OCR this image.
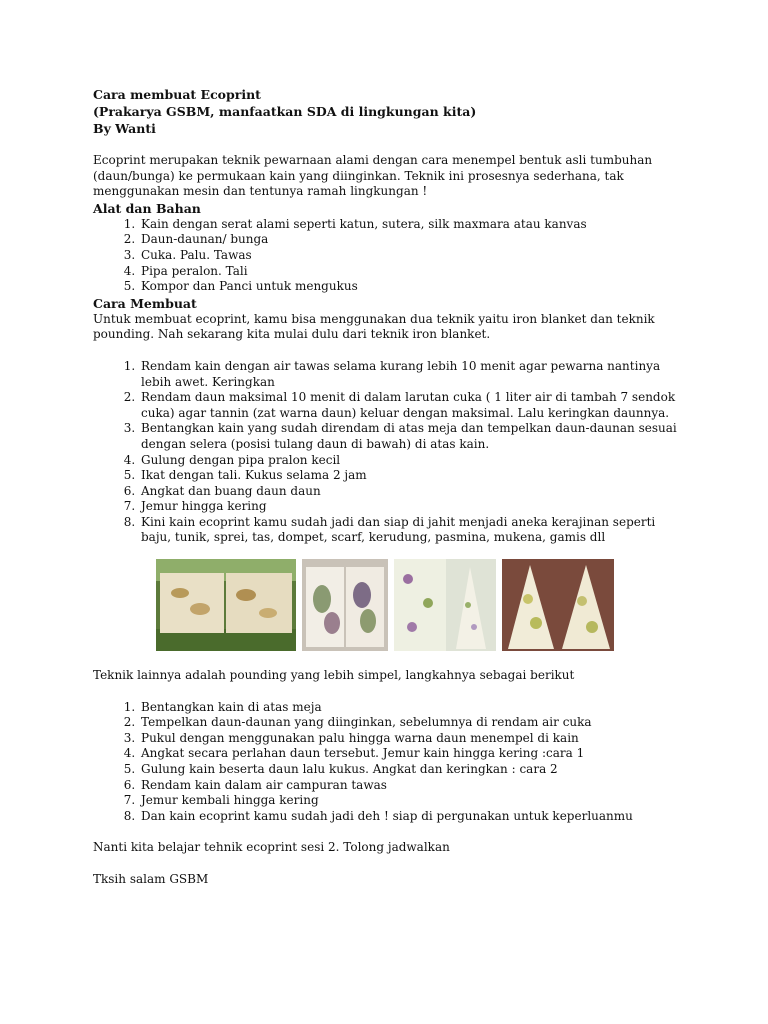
Cara membuat Ecoprint

(Prakarya GSBM, manfaatkan SDA di lingkungan kita)

By Wanti

Ecoprint merupakan teknik pewarnaan alami dengan cara menempel bentuk asli tumbuhan (daun/bunga) ke permukaan kain yang diinginkan. Teknik ini prosesnya sederhana, tak menggunakan mesin dan tentunya ramah lingkungan !

Alat dan Bahan

1. Kain dengan serat alami seperti katun, sutera, silk maxmara atau kanvas
2. Daun-daunan/ bunga
3. Cuka. Palu. Tawas
4. Pipa peralon. Tali
5. Kompor dan Panci untuk mengukus

Cara Membuat

Untuk membuat ecoprint, kamu bisa menggunakan dua teknik yaitu iron blanket dan teknik pounding. Nah sekarang kita mulai dulu dari teknik iron blanket.

1. Rendam kain dengan air tawas selama kurang lebih 10 menit agar pewarna nantinya lebih awet. Keringkan
2. Rendam daun maksimal 10 menit di dalam larutan cuka ( 1 liter air di tambah 7 sendok cuka) agar tannin (zat warna daun) keluar dengan maksimal. Lalu keringkan daunnya.
3. Bentangkan kain yang sudah direndam di atas meja dan tempelkan daun-daunan sesuai dengan selera (posisi tulang daun di bawah) di atas kain.
4. Gulung dengan pipa pralon kecil
5. Ikat dengan tali. Kukus selama 2 jam
6. Angkat dan buang daun daun
7. Jemur hingga kering
8. Kini kain ecoprint kamu sudah jadi dan siap di jahit menjadi aneka kerajinan seperti baju, tunik, sprei, tas, dompet, scarf, kerudung, pasmina, mukena, gamis dll

Teknik lainnya adalah pounding yang lebih simpel, langkahnya sebagai berikut

1. Bentangkan kain di atas meja
2. Tempelkan daun-daunan yang diinginkan, sebelumnya di rendam air cuka
3. Pukul dengan menggunakan palu hingga warna daun menempel di kain
4. Angkat secara perlahan daun tersebut. Jemur kain hingga kering :cara 1
5. Gulung kain beserta daun lalu kukus. Angkat dan keringkan : cara 2
6. Rendam kain dalam air campuran tawas
7. Jemur kembali hingga kering
8. Dan kain ecoprint kamu sudah jadi deh ! siap di pergunakan untuk keperluanmu

Nanti kita belajar tehnik ecoprint sesi 2. Tolong jadwalkan

Tksih salam GSBM
